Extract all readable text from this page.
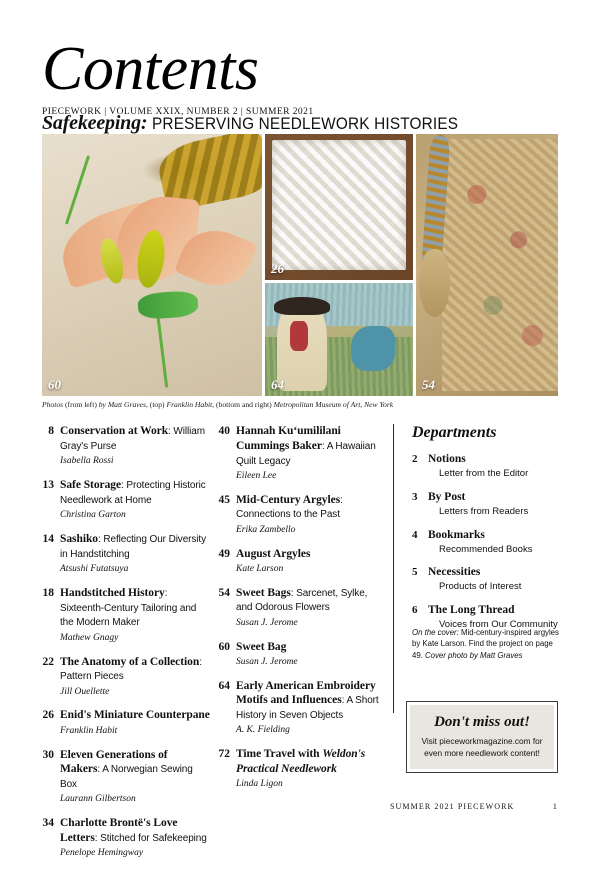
Contents
PIECEWORK | VOLUME XXIX, NUMBER 2 | SUMMER 2021
Safekeeping: PRESERVING NEEDLEWORK HISTORIES
60
26
64	54
Photos (from left) by Matt Graves, (top) Franklin Habit, (bottom and right) Metropolitan Museum of Art, New York
8 Conservation at Work: William Gray's Purse
Isabella Rossi
13 Safe Storage: Protecting Historic Needlework at Home
Christina Garton
14 Sashiko: Reflecting Our Diversity in Handstitching
Atsushi Futatsuya
18 Handstitched History: Sixteenth-Century Tailoring and the Modern Maker
Mathew Gnagy
22 The Anatomy of a Collection: Pattern Pieces
Jill Ouellette
26 Enid's Miniature Counterpane
Franklin Habit
30 Eleven Generations of Makers: A Norwegian Sewing Box
Laurann Gilbertson
34 Charlotte Brontë's Love Letters: Stitched for Safekeeping
Penelope Hemingway
40 Hannah Kuʻumililani Cummings Baker: A Hawaiian Quilt Legacy
Eileen Lee
45 Mid-Century Argyles: Connections to the Past
Erika Zambello
49 August Argyles
Kate Larson
54 Sweet Bags: Sarcenet, Sylke, and Odorous Flowers
Susan J. Jerome
60 Sweet Bag
Susan J. Jerome
64 Early American Embroidery Motifs and Influences: A Short History in Seven Objects
A. K. Fielding
72 Time Travel with Weldon's Practical Needlework
Linda Ligon
Departments
2 Notions
Letter from the Editor
3 By Post
Letters from Readers
4 Bookmarks
Recommended Books
5 Necessities
Products of Interest
6 The Long Thread
Voices from Our Community
On the cover: Mid-century-inspired argyles by Kate Larson. Find the project on page 49. Cover photo by Matt Graves
Don't miss out!
Visit pieceworkmagazine.com for even more needlework content!
SUMMER 2021 PIECEWORK	1
